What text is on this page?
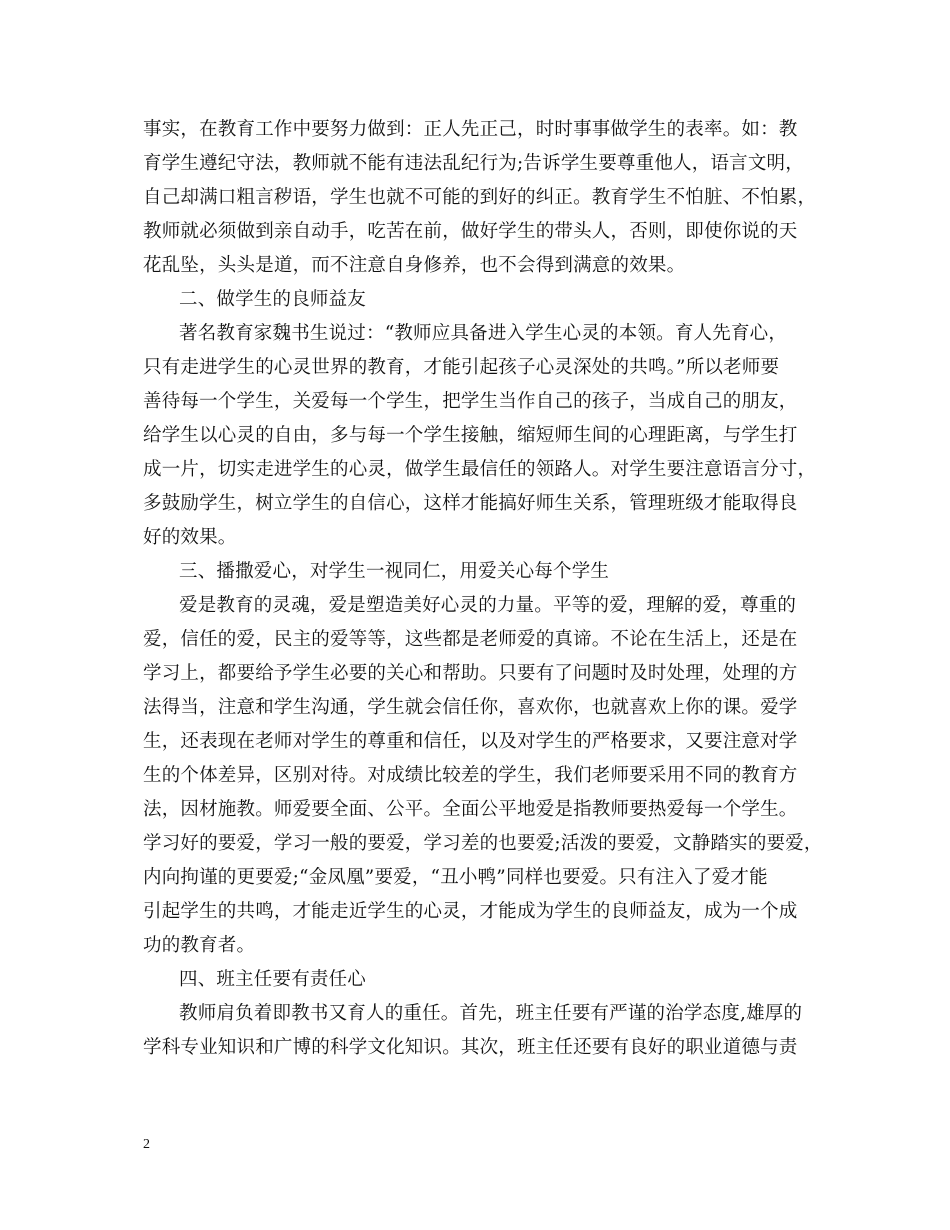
事实，在教育工作中要努力做到：正人先正己，时时事事做学生的表率。如：教
育学生遵纪守法，教师就不能有违法乱纪行为;告诉学生要尊重他人，语言文明，
自己却满口粗言秽语，学生也就不可能的到好的纠正。教育学生不怕脏、不怕累，
教师就必须做到亲自动手，吃苦在前，做好学生的带头人，否则，即使你说的天
花乱坠，头头是道，而不注意自身修养，也不会得到满意的效果。
二、做学生的良师益友
著名教育家魏书生说过：“教师应具备进入学生心灵的本领。育人先育心，
只有走进学生的心灵世界的教育，才能引起孩子心灵深处的共鸣。”所以老师要
善待每一个学生，关爱每一个学生，把学生当作自己的孩子，当成自己的朋友，
给学生以心灵的自由，多与每一个学生接触，缩短师生间的心理距离，与学生打
成一片，切实走进学生的心灵，做学生最信任的领路人。对学生要注意语言分寸，
多鼓励学生，树立学生的自信心，这样才能搞好师生关系，管理班级才能取得良
好的效果。
三、播撒爱心，对学生一视同仁，用爱关心每个学生
爱是教育的灵魂，爱是塑造美好心灵的力量。平等的爱，理解的爱，尊重的
爱，信任的爱，民主的爱等等，这些都是老师爱的真谛。不论在生活上，还是在
学习上，都要给予学生必要的关心和帮助。只要有了问题时及时处理，处理的方
法得当，注意和学生沟通，学生就会信任你，喜欢你，也就喜欢上你的课。爱学
生，还表现在老师对学生的尊重和信任，以及对学生的严格要求，又要注意对学
生的个体差异，区别对待。对成绩比较差的学生，我们老师要采用不同的教育方
法，因材施教。师爱要全面、公平。全面公平地爱是指教师要热爱每一个学生。
学习好的要爱，学习一般的要爱，学习差的也要爱;活泼的要爱，文静踏实的要爱，
内向拘谨的更要爱;“金凤凰”要爱，“丑小鸭”同样也要爱。只有注入了爱才能
引起学生的共鸣，才能走近学生的心灵，才能成为学生的良师益友，成为一个成
功的教育者。
四、班主任要有责任心
教师肩负着即教书又育人的重任。首先，班主任要有严谨的治学态度,雄厚的
学科专业知识和广博的科学文化知识。其次，班主任还要有良好的职业道德与责
2
